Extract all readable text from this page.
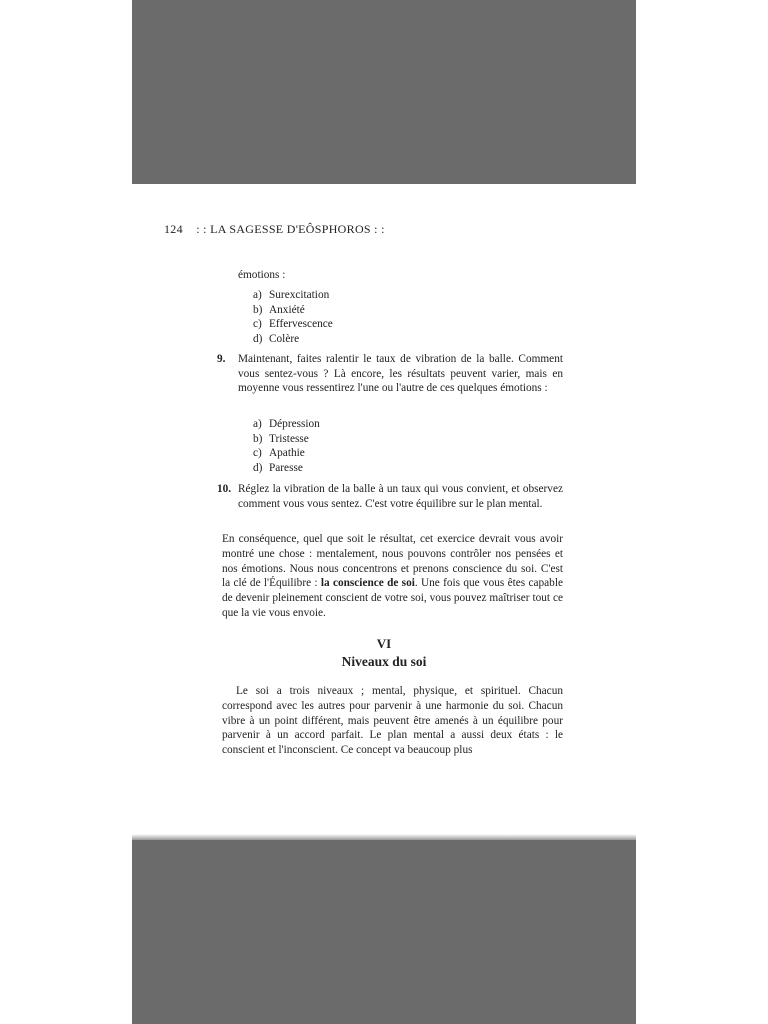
124 : : LA SAGESSE D'EÔSPHOROS : :
émotions :
a) Surexcitation
b) Anxiété
c) Effervescence
d) Colère
9. Maintenant, faites ralentir le taux de vibration de la balle. Comment vous sentez-vous ? Là encore, les résultats peuvent varier, mais en moyenne vous ressentirez l'une ou l'autre de ces quelques émotions :
a) Dépression
b) Tristesse
c) Apathie
d) Paresse
10. Réglez la vibration de la balle à un taux qui vous convient, et observez comment vous vous sentez. C'est votre équilibre sur le plan mental.
En conséquence, quel que soit le résultat, cet exercice devrait vous avoir montré une chose : mentalement, nous pouvons contrôler nos pensées et nos émotions. Nous nous concentrons et prenons conscience du soi. C'est la clé de l'Équilibre : la conscience de soi. Une fois que vous êtes capable de devenir pleinement conscient de votre soi, vous pouvez maîtriser tout ce que la vie vous envoie.
VI
Niveaux du soi
Le soi a trois niveaux ; mental, physique, et spirituel. Chacun correspond avec les autres pour parvenir à une harmonie du soi. Chacun vibre à un point différent, mais peuvent être amenés à un équilibre pour parvenir à un accord parfait. Le plan mental a aussi deux états : le conscient et l'inconscient. Ce concept va beaucoup plus
